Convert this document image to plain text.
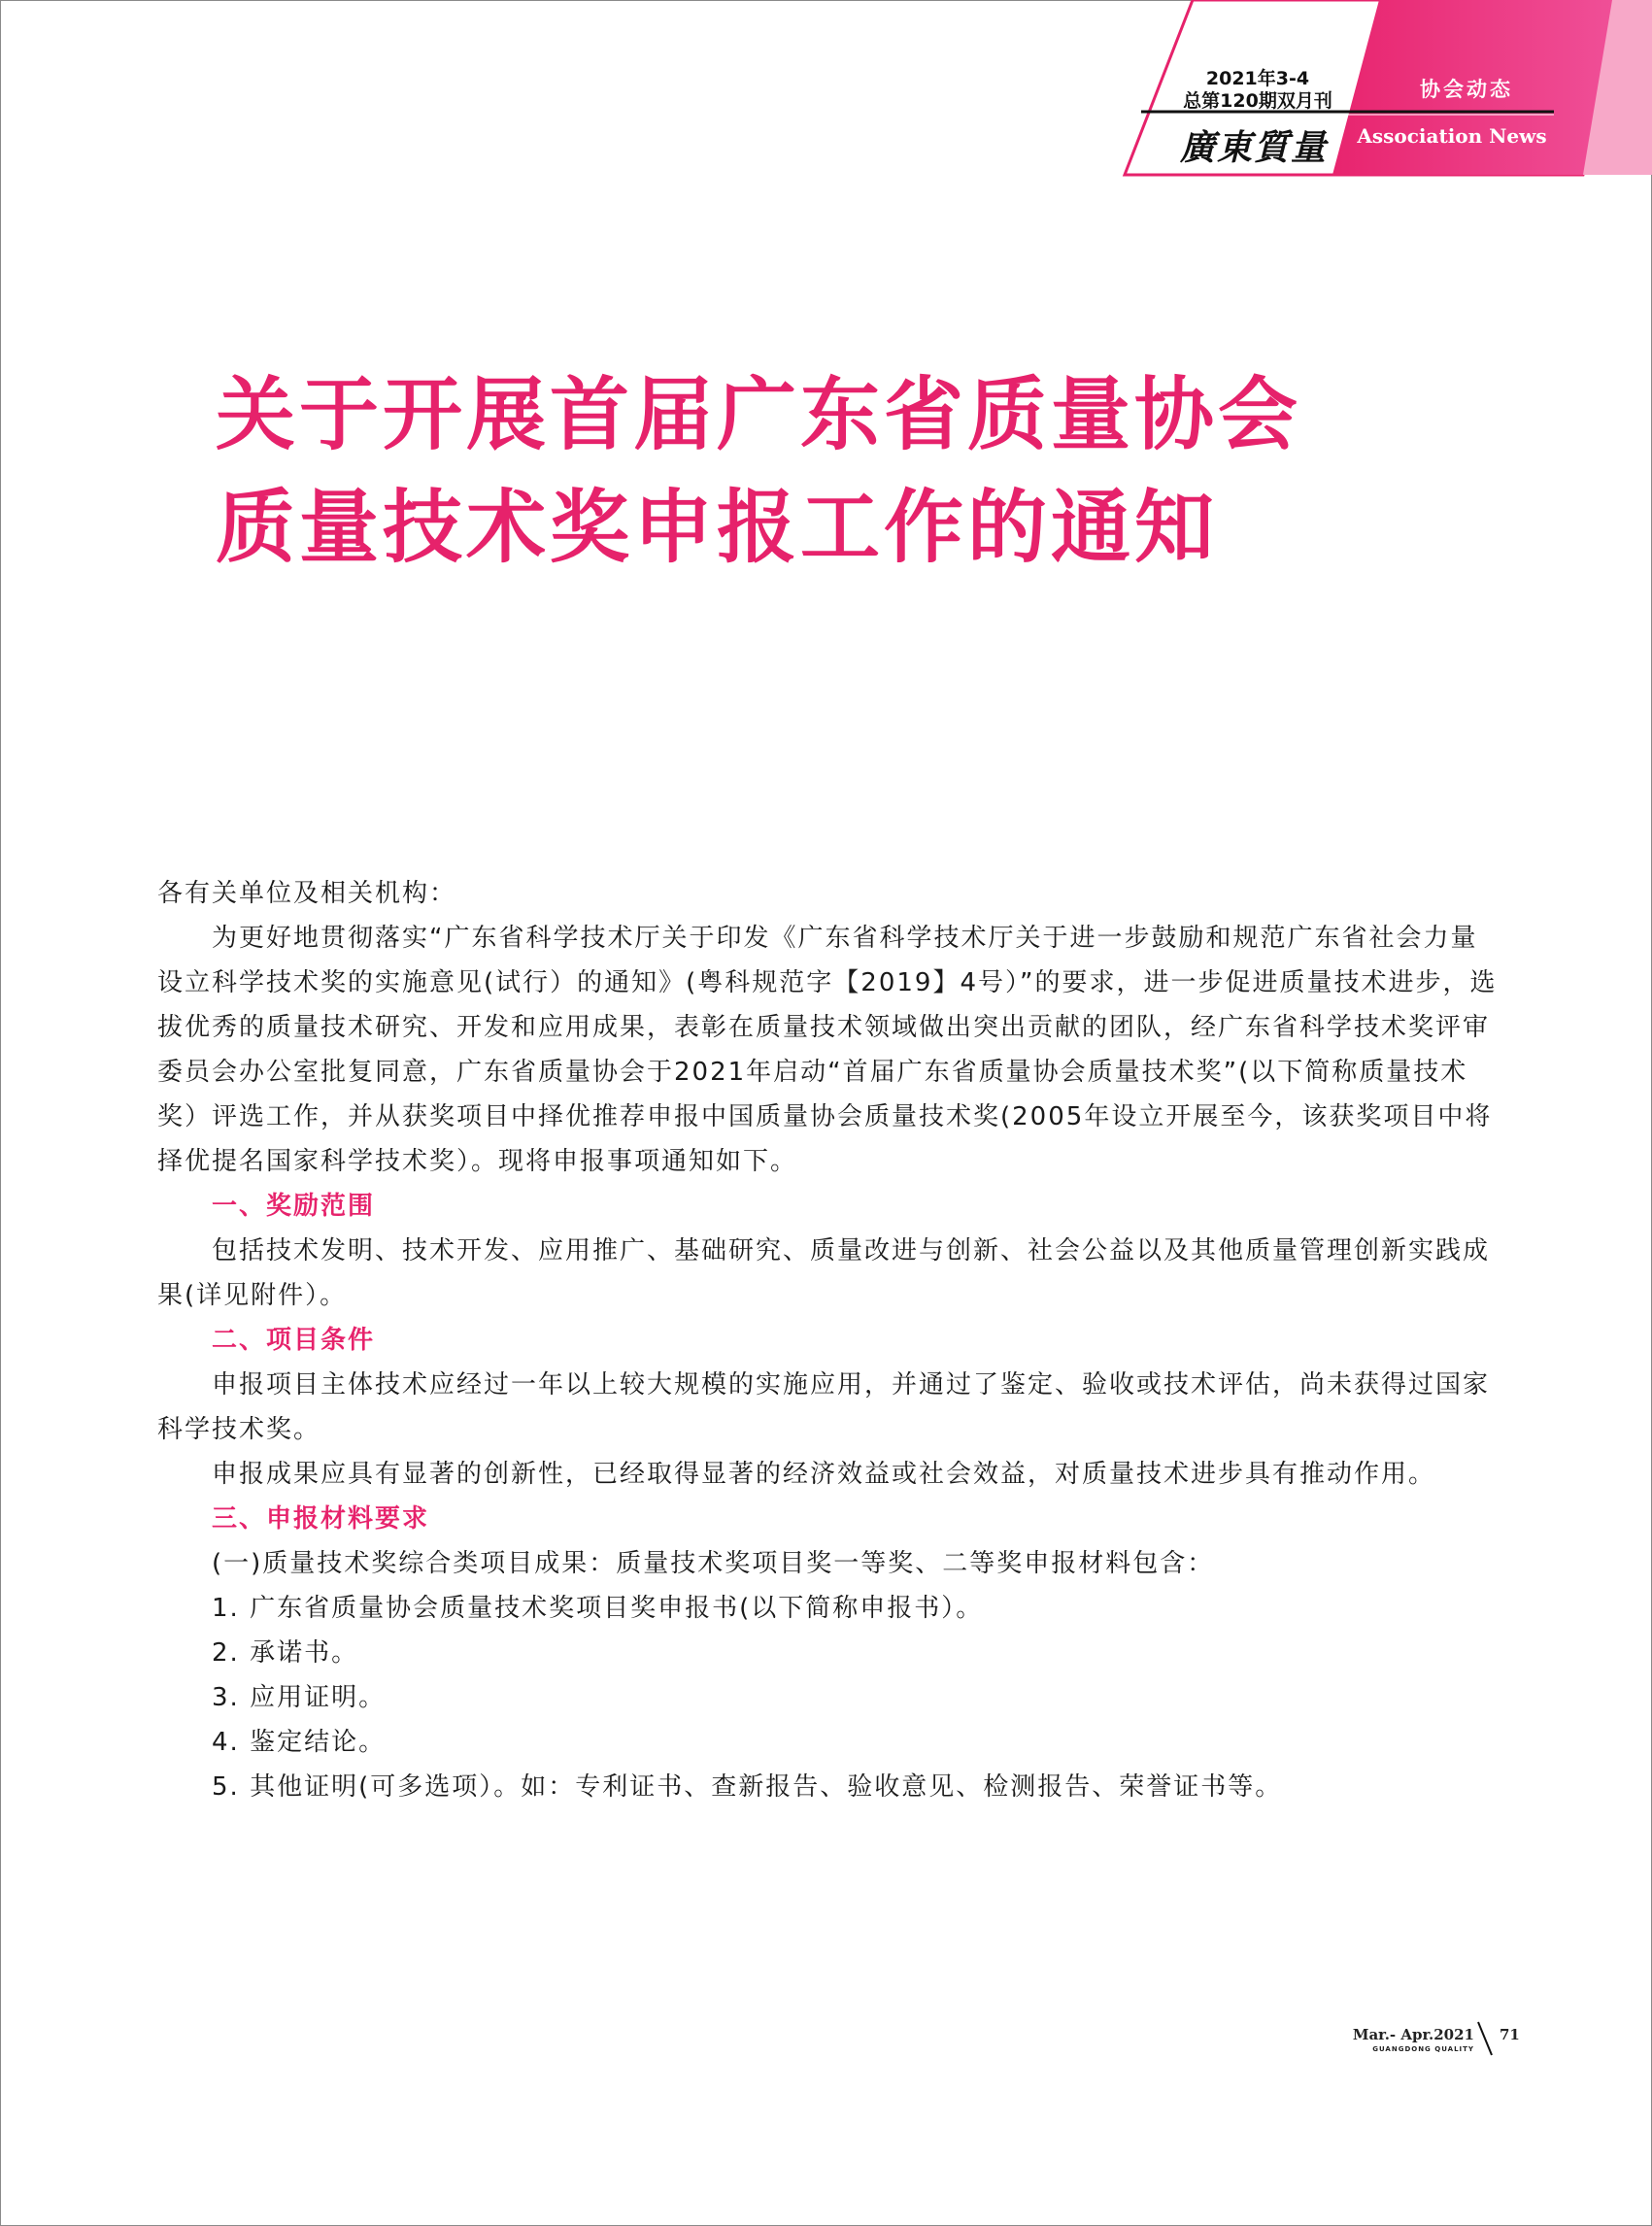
2021年3-4
总第120期双月刊
廣東質量
协会动态
Association News
关于开展首届广东省质量协会
质量技术奖申报工作的通知

各有关单位及相关机构：

为更好地贯彻落实“广东省科学技术厅关于印发《广东省科学技术厅关于进一步鼓励和规范广东省社会力量设立科学技术奖的实施意见(试行）的通知》(粤科规范字【2019】4号）”的要求，进一步促进质量技术进步，选拔优秀的质量技术研究、开发和应用成果，表彰在质量技术领域做出突出贡献的团队，经广东省科学技术奖评审委员会办公室批复同意，广东省质量协会于2021年启动“首届广东省质量协会质量技术奖”(以下简称质量技术奖）评选工作，并从获奖项目中择优推荐申报中国质量协会质量技术奖(2005年设立开展至今，该获奖项目中将择优提名国家科学技术奖）。现将申报事项通知如下。

一、奖励范围

包括技术发明、技术开发、应用推广、基础研究、质量改进与创新、社会公益以及其他质量管理创新实践成果(详见附件）。

二、项目条件

申报项目主体技术应经过一年以上较大规模的实施应用，并通过了鉴定、验收或技术评估，尚未获得过国家科学技术奖。

申报成果应具有显著的创新性，已经取得显著的经济效益或社会效益，对质量技术进步具有推动作用。

三、申报材料要求

(一)质量技术奖综合类项目成果：质量技术奖项目奖一等奖、二等奖申报材料包含：

1. 广东省质量协会质量技术奖项目奖申报书(以下简称申报书）。

2. 承诺书。

3. 应用证明。

4. 鉴定结论。

5. 其他证明(可多选项）。如：专利证书、查新报告、验收意见、检测报告、荣誉证书等。

Mar.- Apr.2021
GUANGDONG QUALITY
71
